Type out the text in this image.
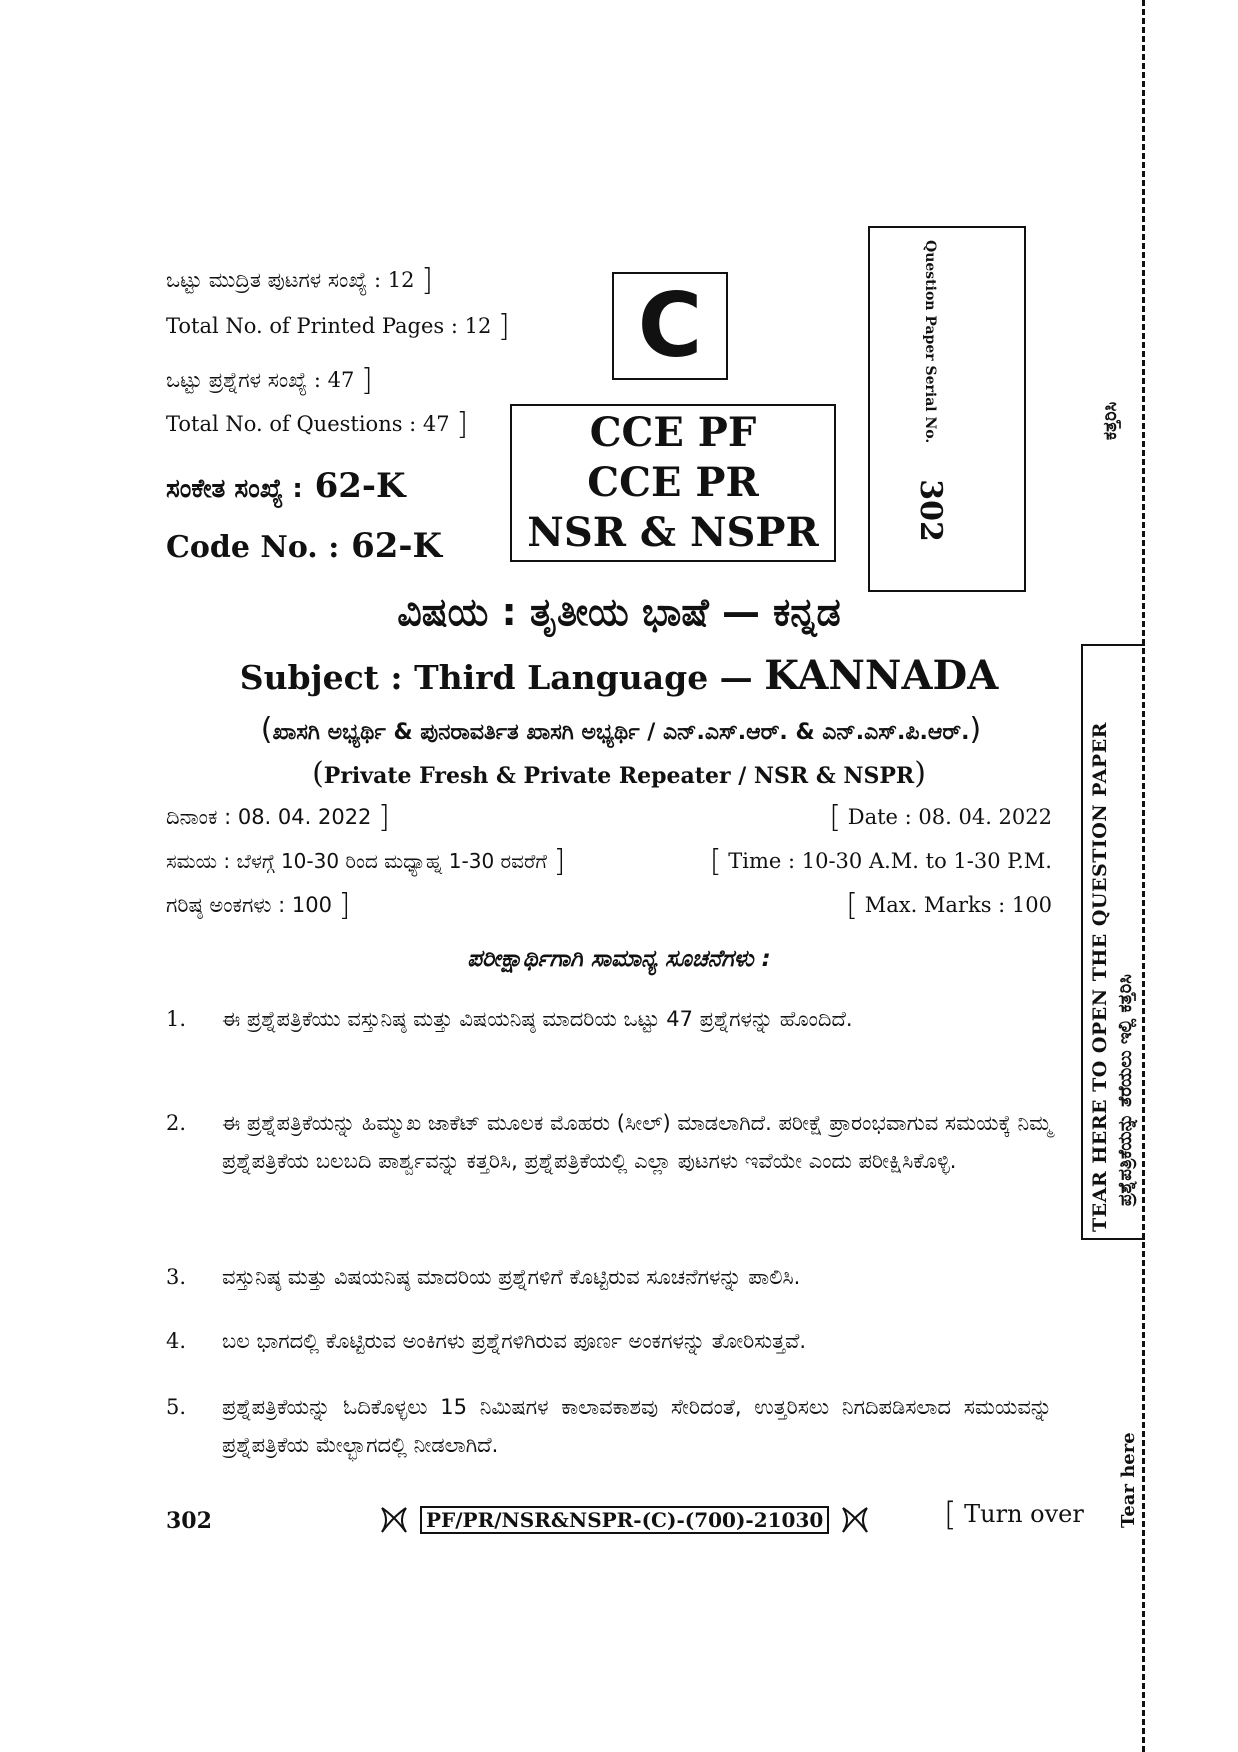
ಒಟ್ಟು ಮುದ್ರಿತ ಪುಟಗಳ ಸಂಖ್ಯೆ : 12 ]
Total No. of Printed Pages : 12 ]
ಒಟ್ಟು ಪ್ರಶ್ನೆಗಳ ಸಂಖ್ಯೆ : 47 ]
Total No. of Questions : 47 ]
ಸಂಕೇತ ಸಂಖ್ಯೆ : 62-K
Code No. : 62-K
C
CCE PF
CCE PR
NSR & NSPR
Question Paper Serial No.
302
ವಿಷಯ : ತೃತೀಯ ಭಾಷೆ — ಕನ್ನಡ
Subject : Third Language — KANNADA
(ಖಾಸಗಿ ಅಭ್ಯರ್ಥಿ & ಪುನರಾವರ್ತಿತ ಖಾಸಗಿ ಅಭ್ಯರ್ಥಿ / ಎನ್.ಎಸ್.ಆರ್. & ಎನ್.ಎಸ್.ಪಿ.ಆರ್.)
(Private Fresh & Private Repeater / NSR & NSPR)
ದಿನಾಂಕ : 08. 04. 2022 ]	[ Date : 08. 04. 2022
ಸಮಯ : ಬೆಳಗ್ಗೆ 10-30 ರಿಂದ ಮಧ್ಯಾಹ್ನ 1-30 ರವರೆಗೆ ]	[ Time : 10-30 A.M. to 1-30 P.M.
ಗರಿಷ್ಠ ಅಂಕಗಳು : 100 ]	[ Max. Marks : 100
ಪರೀಕ್ಷಾರ್ಥಿಗಾಗಿ ಸಾಮಾನ್ಯ ಸೂಚನೆಗಳು :
1.	ಈ ಪ್ರಶ್ನೆಪತ್ರಿಕೆಯು ವಸ್ತುನಿಷ್ಠ ಮತ್ತು ವಿಷಯನಿಷ್ಠ ಮಾದರಿಯ ಒಟ್ಟು 47 ಪ್ರಶ್ನೆಗಳನ್ನು ಹೊಂದಿದೆ.
2.	ಈ ಪ್ರಶ್ನೆಪತ್ರಿಕೆಯನ್ನು ಹಿಮ್ಮುಖ ಜಾಕೆಟ್ ಮೂಲಕ ಮೊಹರು (ಸೀಲ್) ಮಾಡಲಾಗಿದೆ. ಪರೀಕ್ಷೆ ಪ್ರಾರಂಭವಾಗುವ ಸಮಯಕ್ಕೆ ನಿಮ್ಮ ಪ್ರಶ್ನೆಪತ್ರಿಕೆಯ ಬಲಬದಿ ಪಾರ್ಶ್ವವನ್ನು ಕತ್ತರಿಸಿ, ಪ್ರಶ್ನೆಪತ್ರಿಕೆಯಲ್ಲಿ ಎಲ್ಲಾ ಪುಟಗಳು ಇವೆಯೇ ಎಂದು ಪರೀಕ್ಷಿಸಿಕೊಳ್ಳಿ.
3.	ವಸ್ತುನಿಷ್ಠ ಮತ್ತು ವಿಷಯನಿಷ್ಠ ಮಾದರಿಯ ಪ್ರಶ್ನೆಗಳಿಗೆ ಕೊಟ್ಟಿರುವ ಸೂಚನೆಗಳನ್ನು ಪಾಲಿಸಿ.
4.	ಬಲ ಭಾಗದಲ್ಲಿ ಕೊಟ್ಟಿರುವ ಅಂಕಿಗಳು ಪ್ರಶ್ನೆಗಳಿಗಿರುವ ಪೂರ್ಣ ಅಂಕಗಳನ್ನು ತೋರಿಸುತ್ತವೆ.
5.	ಪ್ರಶ್ನೆಪತ್ರಿಕೆಯನ್ನು ಓದಿಕೊಳ್ಳಲು 15 ನಿಮಿಷಗಳ ಕಾಲಾವಕಾಶವು ಸೇರಿದಂತೆ, ಉತ್ತರಿಸಲು ನಿಗದಿಪಡಿಸಲಾದ ಸಮಯವನ್ನು ಪ್ರಶ್ನೆಪತ್ರಿಕೆಯ ಮೇಲ್ಭಾಗದಲ್ಲಿ ನೀಡಲಾಗಿದೆ.
302	PF/PR/NSR&NSPR-(C)-(700)-21030	[ Turn over
ಕತ್ತರಿಸಿ
TEAR HERE TO OPEN THE QUESTION PAPER ಪ್ರಶ್ನೆಪತ್ರಿಕೆಯನ್ನು ತೆರೆಯಲು ಇಲ್ಲಿ ಕತ್ತರಿಸಿ
Tear here
